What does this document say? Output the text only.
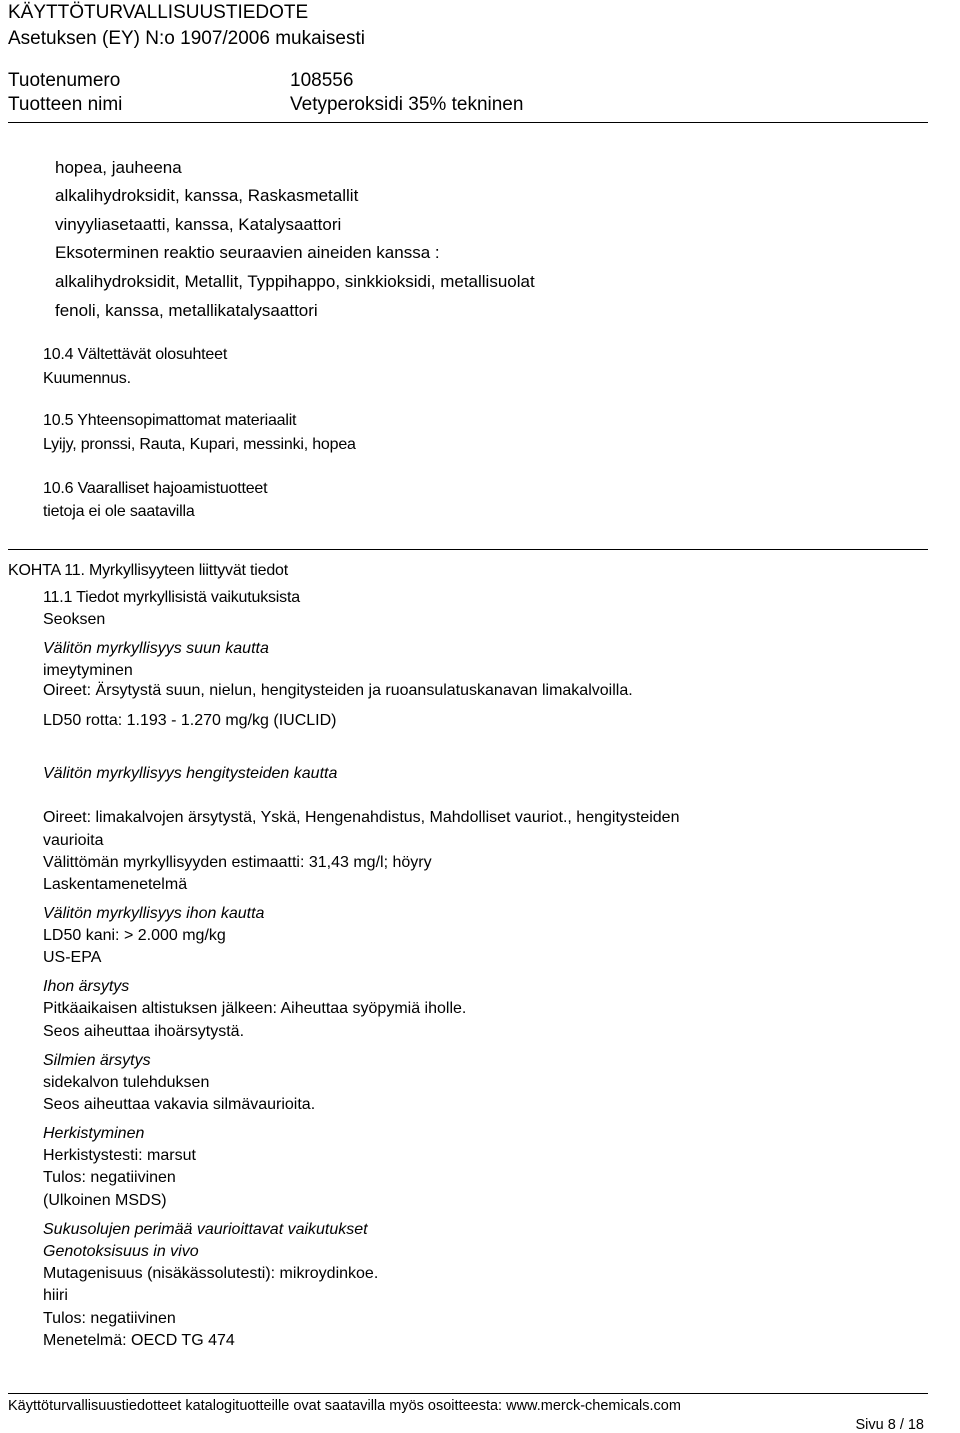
KÄYTTÖTURVALLISUUSTIEDOTE
Asetuksen (EY) N:o 1907/2006 mukaisesti
Tuotenumero	108556
Tuotteen nimi	Vetyperoksidi 35% tekninen
hopea, jauheena
alkalihydroksidit, kanssa, Raskasmetallit
vinyyliasetaatti, kanssa, Katalysaattori
Eksoterminen reaktio seuraavien aineiden kanssa :
alkalihydroksidit, Metallit, Typpihappo, sinkkioksidi, metallisuolat
fenoli, kanssa, metallikatalysaattori
10.4 Vältettävät olosuhteet
Kuumennus.
10.5 Yhteensopimattomat materiaalit
Lyijy, pronssi, Rauta, Kupari, messinki, hopea
10.6 Vaaralliset hajoamistuotteet
tietoja ei ole saatavilla
KOHTA 11. Myrkyllisyyteen liittyvät tiedot
11.1 Tiedot myrkyllisistä vaikutuksista
Seoksen
Välitön myrkyllisyys suun kautta
imeytyminen
Oireet: Ärsytystä suun, nielun, hengitysteiden ja ruoansulatuskanavan limakalvoilla.
LD50 rotta: 1.193 - 1.270 mg/kg (IUCLID)
Välitön myrkyllisyys hengitysteiden kautta
Oireet: limakalvojen ärsytystä, Yskä, Hengenahdistus, Mahdolliset vauriot., hengitysteiden
vaurioita
Välittömän myrkyllisyyden estimaatti: 31,43 mg/l; höyry
Laskentamenetelmä
Välitön myrkyllisyys ihon kautta
LD50 kani: > 2.000 mg/kg
US-EPA
Ihon ärsytys
Pitkäaikaisen altistuksen jälkeen: Aiheuttaa syöpymiä iholle.
Seos aiheuttaa ihoärsytystä.
Silmien ärsytys
sidekalvon tulehduksen
Seos aiheuttaa vakavia silmävaurioita.
Herkistyminen
Herkistystesti: marsut
Tulos: negatiivinen
(Ulkoinen MSDS)
Sukusolujen perimää vaurioittavat vaikutukset
Genotoksisuus in vivo
Mutagenisuus (nisäkässolutesti): mikroydinkoe.
hiiri
Tulos: negatiivinen
Menetelmä: OECD TG 474
Käyttöturvallisuustiedotteet katalogituotteille ovat saatavilla myös osoitteesta: www.merck-chemicals.com
Sivu 8 / 18
